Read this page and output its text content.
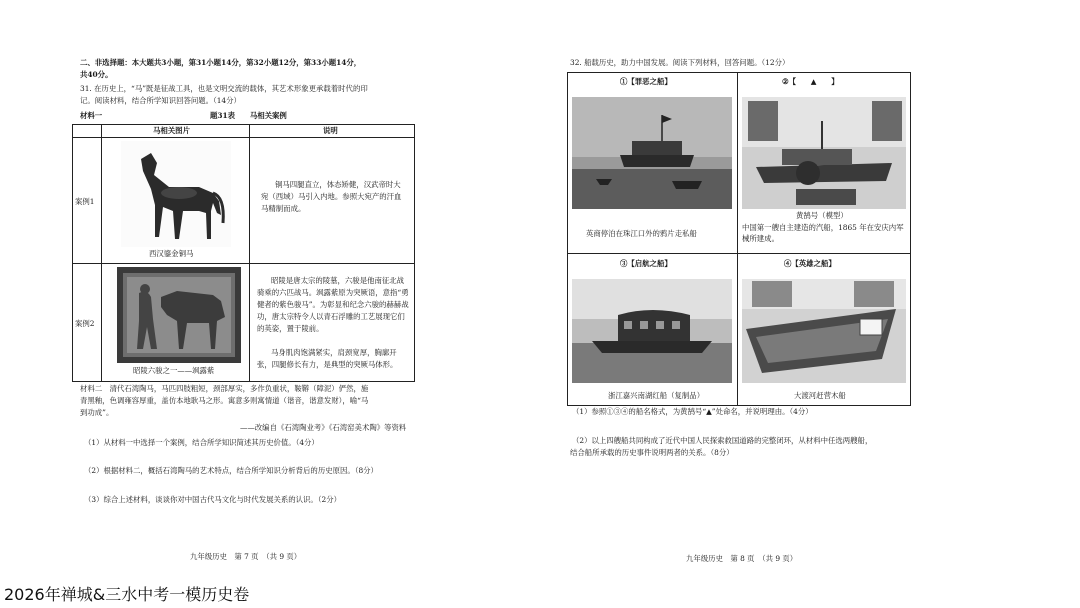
二、非选择题：本大题共3小题，第31小题14分，第32小题12分，第33小题14分，
共40分。
31. 在历史上，“马”既是征战工具，也是文明交流的载体，其艺术形象更承载着时代的印
记。阅读材料，结合所学知识回答问题。（14分）
材料一	题31表　　马相关案例
马相关图片	说明
案例1
西汉鎏金铜马
铜马四腿直立，体态矫健，汉武帝时大宛（西域）马引入内地。参照大宛产的汗血马精制而成。
案例2
昭陵六骏之一——飒露紫
昭陵是唐太宗的陵墓，六骏是他南征北战骑乘的六匹战马。飒露紫原为突厥语，意指“勇健者的紫色骏马”。为彰显和纪念六骏的赫赫战功，唐太宗特令人以青石浮雕的工艺展现它们的英姿，置于陵前。
马身肌肉饱满紧实，肩颈宽厚，胸廓开张，四腿修长有力，是典型的突厥马体形。
材料二　清代石湾陶马，马匹四肢粗短，颈部厚实，多作负重状，鞍鞯（障泥）俨然，施
青黑釉，色调雍容厚重，盖仿本地耿马之形。寓意多则寓情道（谐音，谐意发财），喻“马
到功成”。
——改编自《石湾陶业考》《石湾窑美术陶》等资料
（1）从材料一中选择一个案例，结合所学知识简述其历史价值。（4分）
（2）根据材料二，概括石湾陶马的艺术特点，结合所学知识分析背后的历史原因。（8分）
（3）综合上述材料，谈谈你对中国古代马文化与时代发展关系的认识。（2分）
九年级历史　第 7 页　（共 9 页）
32. 船载历史，助力中国发展。阅读下列材料，回答问题。（12分）
①【罪恶之船】
英商停泊在珠江口外的鸦片走私船
②【　　▲　　】
黄鹄号（模型）
中国第一艘自主建造的汽船，1865 年在安庆内军械所建成。
③【启航之船】
浙江嘉兴南湖红船（复制品）
④【英雄之船】
大渡河赶营木船
（1）参照①③④的船名格式，为黄鹄号“▲”处命名，并说明理由。（4分）
（2）以上四艘船共同构成了近代中国人民探索救国道路的完整闭环，从材料中任选两艘船，
结合船所承载的历史事件说明两者的关系。（8分）
九年级历史　第 8 页　（共 9 页）
2026年禅城&三水中考一模历史卷
